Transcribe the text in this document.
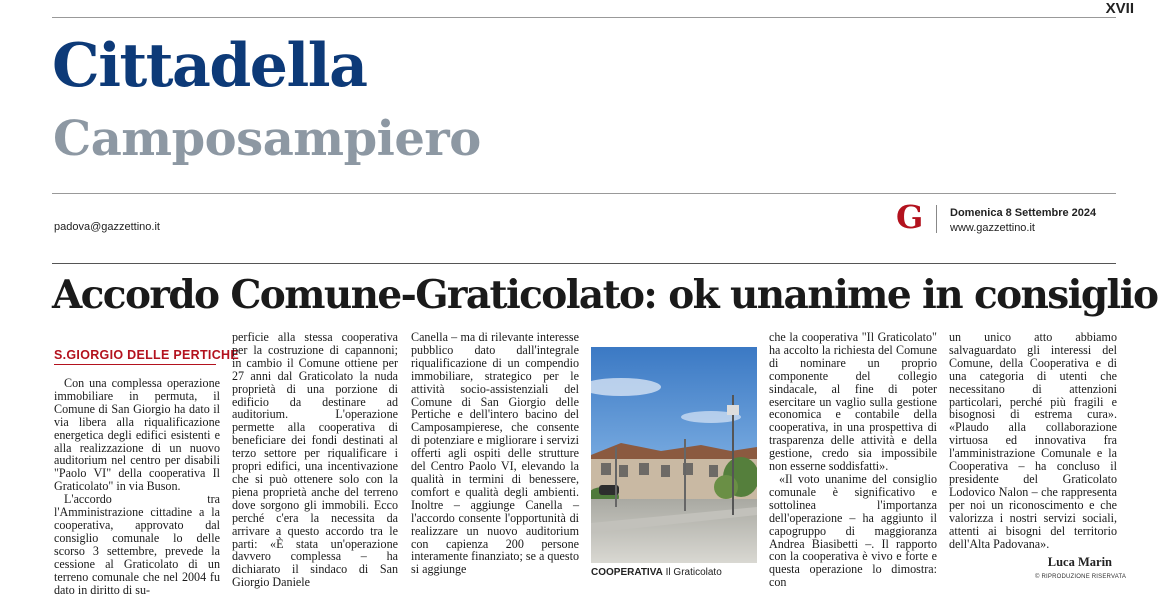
XVII
Cittadella
Camposampiero
padova@gazzettino.it	G Domenica 8 Settembre 2024
www.gazzettino.it
Accordo Comune-Graticolato: ok unanime in consiglio
S.GIORGIO DELLE PERTICHE

Con una complessa operazione immobiliare in permuta, il Comune di San Giorgio ha dato il via libera alla riqualificazione energetica degli edifici esistenti e alla realizzazione di un nuovo auditorium nel centro per disabili "Paolo VI" della cooperativa Il Graticolato" in via Buson.

L'accordo tra l'Amministrazione cittadine a la cooperativa, approvato dal consiglio comunale lo delle scorso 3 settembre, prevede la cessione al Graticolato di un terreno comunale che nel 2004 fu dato in diritto di su-

perficie alla stessa cooperativa per la costruzione di capannoni; in cambio il Comune ottiene per 27 anni dal Graticolato la nuda proprietà di una porzione di edificio da destinare ad auditorium. L'operazione permette alla cooperativa di beneficiare dei fondi destinati al terzo settore per riqualificare i propri edifici, una incentivazione che si può ottenere solo con la piena proprietà anche del terreno dove sorgono gli immobili. Ecco perché c'era la necessita da arrivare a questo accordo tra le parti: «È stata un'operazione davvero complessa – ha dichiarato il sindaco di San Giorgio Daniele

Canella – ma di rilevante interesse pubblico dato dall'integrale riqualificazione di un compendio immobiliare, strategico per le attività socio-assistenziali del Comune di San Giorgio delle Pertiche e dell'intero bacino del Camposampierese, che consente di potenziare e migliorare i servizi offerti agli ospiti delle strutture del Centro Paolo VI, elevando la qualità in termini di benessere, comfort e qualità degli ambienti. Inoltre – aggiunge Canella – l'accordo consente l'opportunità di realizzare un nuovo auditorium con capienza 200 persone interamente finanziato; se a questo si aggiunge	COOPERATIVA Il Graticolato

che la cooperativa "Il Graticolato" ha accolto la richiesta del Comune di nominare un proprio componente del collegio sindacale, al fine di poter esercitare un vaglio sulla gestione economica e contabile della cooperativa, in una prospettiva di trasparenza delle attività e della gestione, credo sia impossibile non esserne soddisfatti».

«Il voto unanime del consiglio comunale è significativo e sottolinea l'importanza dell'operazione – ha aggiunto il capogruppo di maggioranza Andrea Biasibetti –. Il rapporto con la cooperativa è vivo e forte e questa operazione lo dimostra: con

un unico atto abbiamo salvaguardato gli interessi del Comune, della Cooperativa e di una categoria di utenti che necessitano di attenzioni particolari, perché più fragili e bisognosi di estrema cura». «Plaudo alla collaborazione virtuosa ed innovativa fra l'amministrazione Comunale e la Cooperativa – ha concluso il presidente del Graticolato Lodovico Nalon – che rappresenta per noi un riconoscimento e che valorizza i nostri servizi sociali, attenti ai bisogni del territorio dell'Alta Padovana».

Luca Marin
© RIPRODUZIONE RISERVATA
